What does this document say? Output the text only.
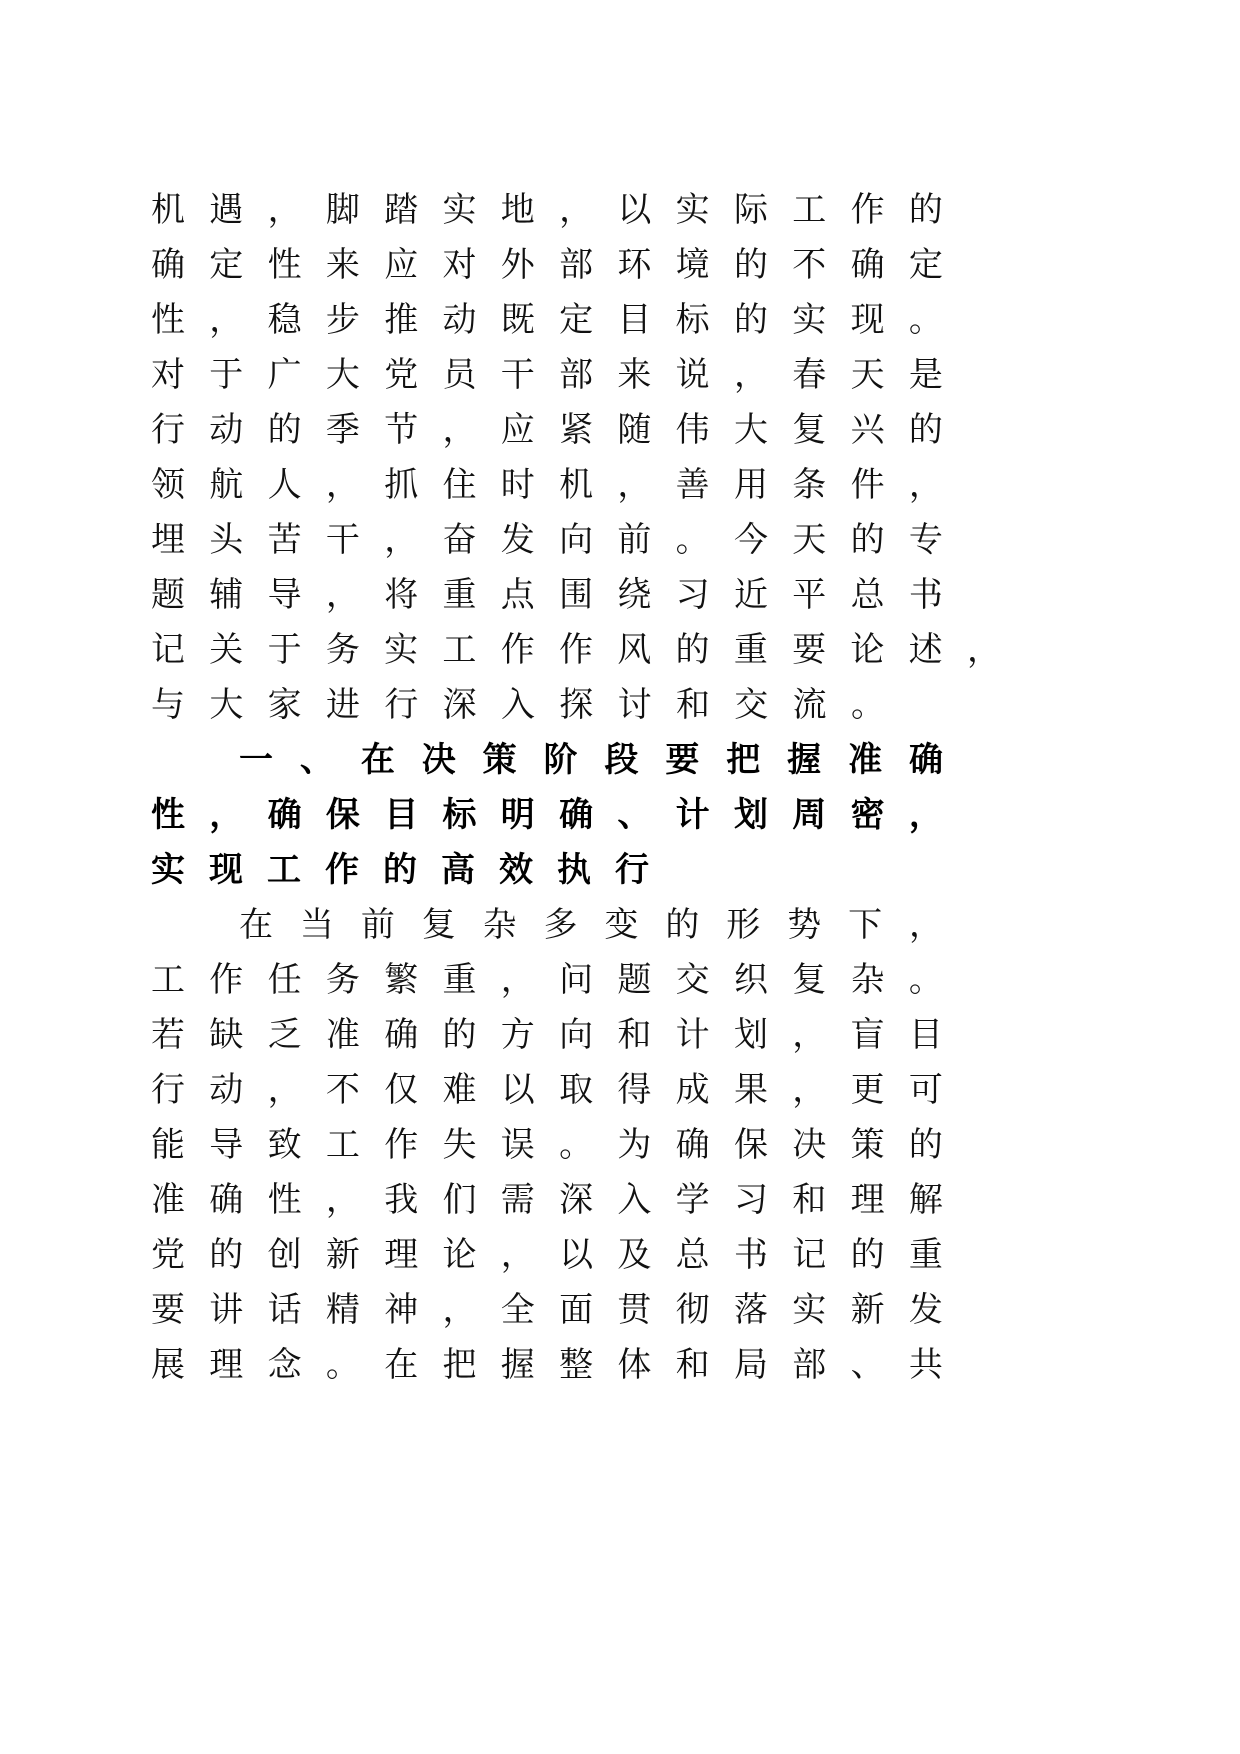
机 遇 ， 脚 踏 实 地 ， 以 实 际 工 作 的
确 定 性 来 应 对 外 部 环 境 的 不 确 定
性 ， 稳 步 推 动 既 定 目 标 的 实 现 。
对 于 广 大 党 员 干 部 来 说 ， 春 天 是
行 动 的 季 节 ， 应 紧 随 伟 大 复 兴 的
领 航 人 ， 抓 住 时 机 ， 善 用 条 件 ，
埋 头 苦 干 ， 奋 发 向 前 。 今 天 的 专
题 辅 导 ， 将 重 点 围 绕 习 近 平 总 书
记 关 于 务 实 工 作 作 风 的 重 要 论 述 ，
与 大 家 进 行 深 入 探 讨 和 交 流 。
一 、 在 决 策 阶 段 要 把 握 准 确
性 ， 确 保 目 标 明 确 、 计 划 周 密 ，
实 现 工 作 的 高 效 执 行
在 当 前 复 杂 多 变 的 形 势 下 ，
工 作 任 务 繁 重 ， 问 题 交 织 复 杂 。
若 缺 乏 准 确 的 方 向 和 计 划 ， 盲 目
行 动 ， 不 仅 难 以 取 得 成 果 ， 更 可
能 导 致 工 作 失 误 。 为 确 保 决 策 的
准 确 性 ， 我 们 需 深 入 学 习 和 理 解
党 的 创 新 理 论 ， 以 及 总 书 记 的 重
要 讲 话 精 神 ， 全 面 贯 彻 落 实 新 发
展 理 念 。 在 把 握 整 体 和 局 部 、 共
